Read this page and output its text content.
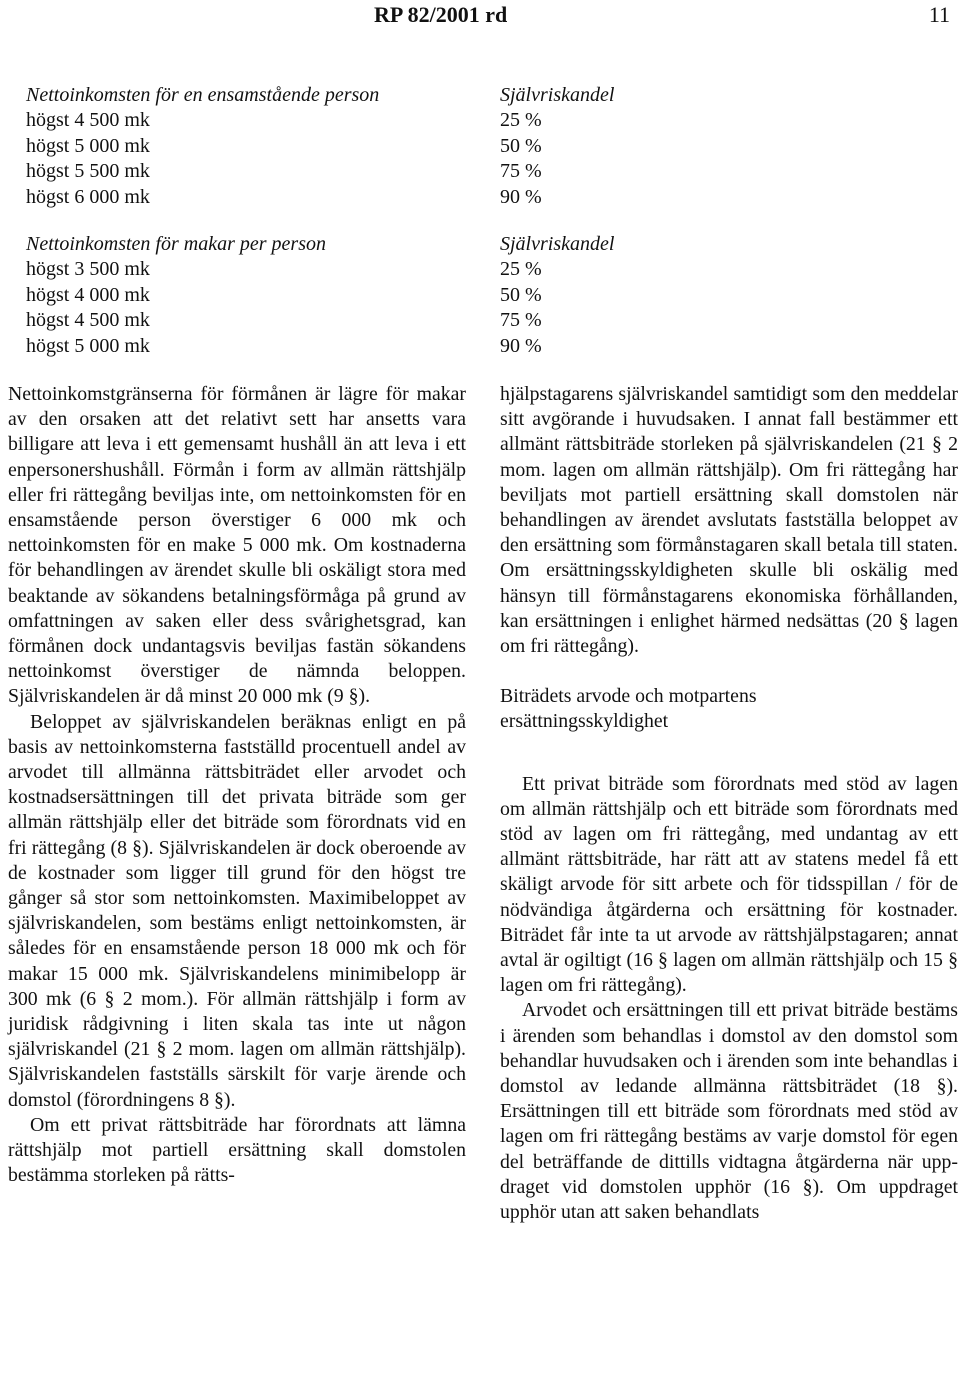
RP 82/2001 rd	11
Nettoinkomsten för en ensamstående person	Självriskandel
högst 4 500 mk	25 %
högst 5 000 mk	50 %
högst 5 500 mk	75 %
högst 6 000 mk	90 %
Nettoinkomsten för makar per person	Självriskandel
högst 3 500 mk	25 %
högst 4 000 mk	50 %
högst 4 500 mk	75 %
högst 5 000 mk	90 %

Nettoinkomstgränserna för förmånen är lägre för makar av den orsaken att det relativt sett har ansetts vara billigare att leva i ett gemensamt hushåll än att leva i ett enpersonershushåll. Förmån i form av allmän rättshjälp eller fri rättegång beviljas inte, om nettoinkomsten för en ensamstående person överstiger 6 000 mk och nettoinkomsten för en make 5 000 mk. Om kostnaderna för behandlingen av ärendet skulle bli oskäligt stora med beaktande av sökandens betalningsförmåga på grund av omfattningen av saken eller dess svårighetsgrad, kan förmånen dock undantagsvis beviljas fastän sökandens nettoinkomst överstiger de nämnda beloppen. Självriskandelen är då minst 20 000 mk (9 §).

Beloppet av självriskandelen beräknas enligt en på basis av nettoinkomsterna fastställd procentuell andel av arvodet till allmänna rättsbiträdet eller arvodet och kostnadsersättningen till det privata biträde som ger allmän rättshjälp eller det biträde som förordnats vid en fri rättegång (8 §). Självriskandelen är dock oberoende av de kostnader som ligger till grund för den högst tre gånger så stor som nettoinkomsten. Maximibeloppet av självriskandelen, som bestäms enligt nettoinkomsten, är således för en ensamstående person 18 000 mk och för makar 15 000 mk. Självriskandelens minimibelopp är 300 mk (6 § 2 mom.). För allmän rättshjälp i form av juridisk rådgivning i liten skala tas inte ut någon självriskandel (21 § 2 mom. lagen om allmän rättshjälp). Självriskandelen fastställs särskilt för varje ärende och domstol (förordningens 8 §).

Om ett privat rättsbiträde har förordnats att lämna rättshjälp mot partiell ersättning skall domstolen bestämma storleken på rätts-

hjälpstagarens självriskandel samtidigt som den meddelar sitt avgörande i huvudsaken. I annat fall bestämmer ett allmänt rättsbiträde storleken på självriskandelen (21 § 2 mom. lagen om allmän rättshjälp). Om fri rättegång har beviljats mot partiell ersättning skall domstolen när behandlingen av ärendet avslutats fastställa beloppet av den ersättning som förmånstagaren skall betala till staten. Om ersättningsskyldigheten skulle bli oskälig med hänsyn till förmånstagarens ekonomiska förhållanden, kan ersättningen i enlighet härmed nedsättas (20 § lagen om fri rättegång).

Biträdets arvode och motpartens ersättningsskyldighet

Ett privat biträde som förordnats med stöd av lagen om allmän rättshjälp och ett biträde som förordnats med stöd av lagen om fri rättegång, med undantag av ett allmänt rättsbiträde, har rätt att av statens medel få ett skäligt arvode för sitt arbete och för tidsspillan / för de nödvändiga åtgärderna och ersättning för kostnader. Biträdet får inte ta ut arvode av rättshjälpstagaren; annat avtal är ogiltigt (16 § lagen om allmän rättshjälp och 15 § lagen om fri rättegång).

Arvodet och ersättningen till ett privat biträde bestäms i ärenden som behandlas i domstol av den domstol som behandlar huvudsaken och i ärenden som inte behandlas i domstol av ledande allmänna rättsbiträdet (18 §). Ersättningen till ett biträde som förordnats med stöd av lagen om fri rättegång bestäms av varje domstol för egen del beträffande de dittills vidtagna åtgärderna när uppdraget vid domstolen upphör (16 §). Om uppdraget upphör utan att saken behandlats
